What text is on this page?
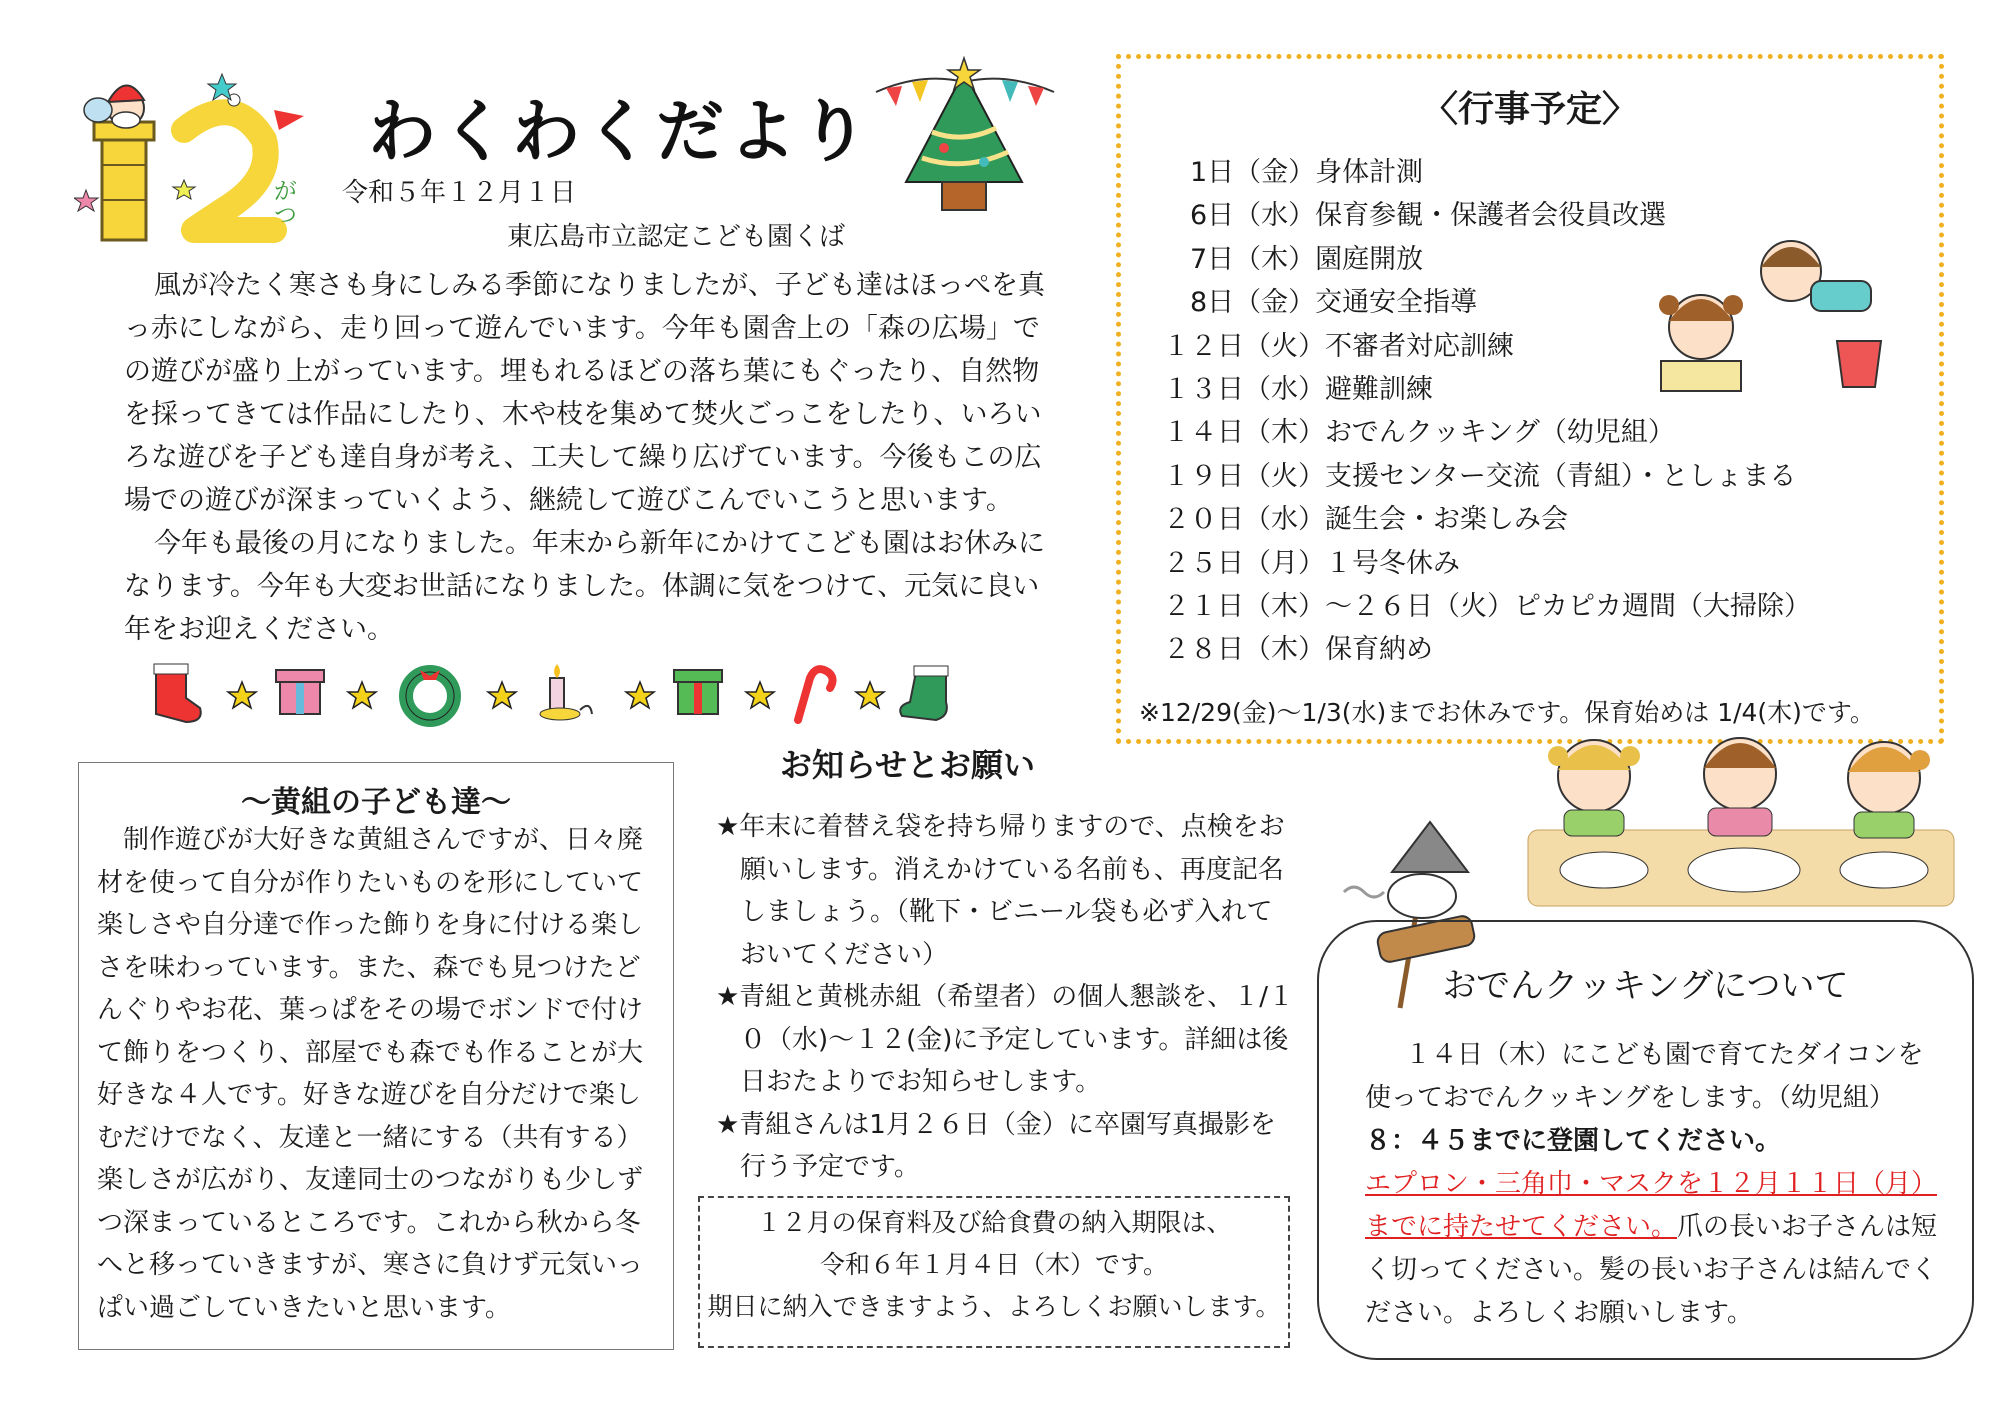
がつ
わくわくだより
令和５年１２月１日
東広島市立認定こども園くば

風が冷たく寒さも身にしみる季節になりましたが、子ども達はほっぺを真っ赤にしながら、走り回って遊んでいます。今年も園舎上の「森の広場」での遊びが盛り上がっています。埋もれるほどの落ち葉にもぐったり、自然物を採ってきては作品にしたり、木や枝を集めて焚火ごっこをしたり、いろいろな遊びを子ども達自身が考え、工夫して繰り広げています。今後もこの広場での遊びが深まっていくよう、継続して遊びこんでいこうと思います。

今年も最後の月になりました。年末から新年にかけてこども園はお休みになります。今年も大変お世話になりました。体調に気をつけて、元気に良い年をお迎えください。

〈行事予定〉
　1日（金）身体計測
　6日（水）保育参観・保護者会役員改選
　7日（木）園庭開放
　8日（金）交通安全指導
１２日（火）不審者対応訓練
１３日（水）避難訓練
１４日（木）おでんクッキング（幼児組）
１９日（火）支援センター交流（青組）・としょまる
２０日（水）誕生会・お楽しみ会
２５日（月）１号冬休み
２１日（木）～２６日（火）ピカピカ週間（大掃除）
２８日（木）保育納め
※12/29(金)～1/3(水)までお休みです。保育始めは 1/4(木)です。
～黄組の子ども達～
制作遊びが大好きな黄組さんですが、日々廃材を使って自分が作りたいものを形にしていて楽しさや自分達で作った飾りを身に付ける楽しさを味わっています。また、森でも見つけたどんぐりやお花、葉っぱをその場でボンドで付けて飾りをつくり、部屋でも森でも作ることが大好きな４人です。好きな遊びを自分だけで楽しむだけでなく、友達と一緒にする（共有する）楽しさが広がり、友達同士のつながりも少しずつ深まっているところです。これから秋から冬へと移っていきますが、寒さに負けず元気いっぱい過ごしていきたいと思います。
お知らせとお願い

★年末に着替え袋を持ち帰りますので、点検をお願いします。消えかけている名前も、再度記名しましょう。（靴下・ビニール袋も必ず入れておいてください）

★青組と黄桃赤組（希望者）の個人懇談を、１/１０（水)～１２(金)に予定しています。詳細は後日おたよりでお知らせします。

★青組さんは1月２６日（金）に卒園写真撮影を行う予定です。

１２月の保育料及び給食費の納入期限は、
令和６年１月４日（木）です。
期日に納入できますよう、よろしくお願いします。
おでんクッキングについて

１４日（木）にこども園で育てたダイコンを使っておでんクッキングをします。（幼児組）

８：４５までに登園してください。

エプロン・三角巾・マスクを１２月１１日（月）までに持たせてください。爪の長いお子さんは短く切ってください。髪の長いお子さんは結んでください。よろしくお願いします。
